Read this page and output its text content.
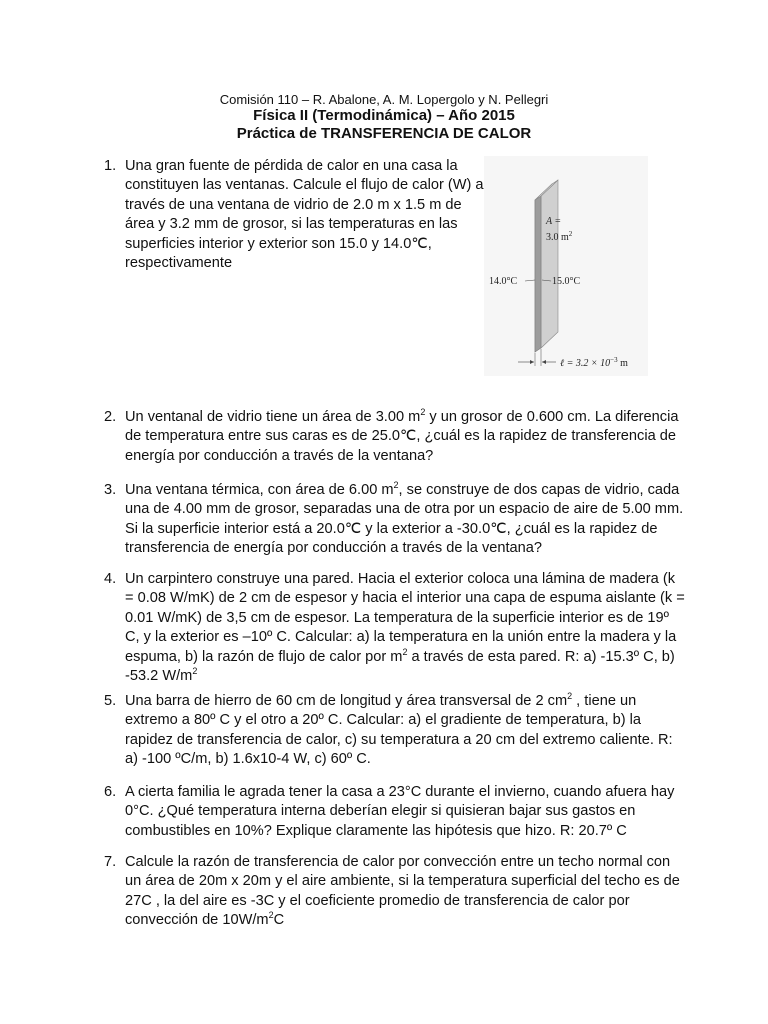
Comisión 110 – R. Abalone, A. M. Lopergolo y N. Pellegri
Física II (Termodinámica) – Año 2015
Práctica de TRANSFERENCIA DE CALOR
1. Una gran fuente de pérdida de calor en una casa la constituyen las ventanas. Calcule el flujo de calor (W) a través de una ventana de vidrio de 2.0 m x 1.5 m de área y 3.2 mm de grosor, si las temperaturas en las superficies interior y exterior son 15.0 y 14.0℃, respectivamente
A =
3.0 $m^2$
14.0°C	15.0°C
ℓ = $3.2 \times 10^{-3}$ m
2. Un ventanal de vidrio tiene un área de 3.00 $m^2$ y un grosor de 0.600 cm. La diferencia de temperatura entre sus caras es de 25.0℃, ¿cuál es la rapidez de transferencia de energía por conducción a través de la ventana?
3. Una ventana térmica, con área de 6.00 $m^2$, se construye de dos capas de vidrio, cada una de 4.00 mm de grosor, separadas una de otra por un espacio de aire de 5.00 mm. Si la superficie interior está a 20.0℃ y la exterior a -30.0℃, ¿cuál es la rapidez de transferencia de energía por conducción a través de la ventana?
4. Un carpintero construye una pared. Hacia el exterior coloca una lámina de madera (k = 0.08 W/mK) de 2 cm de espesor y hacia el interior una capa de espuma aislante (k = 0.01 W/mK) de 3,5 cm de espesor. La temperatura de la superficie interior es de 19º C, y la exterior es –10º C. Calcular: a) la temperatura en la unión entre la madera y la espuma, b) la razón de flujo de calor por $m^2$ a través de esta pared. R: a) -15.3º C, b) -53.2 $W/m^2$
5. Una barra de hierro de 60 cm de longitud y área transversal de 2 $cm^2$ , tiene un extremo a 80º C y el otro a 20º C. Calcular: a) el gradiente de temperatura, b) la rapidez de transferencia de calor, c) su temperatura a 20 cm del extremo caliente. R: a) -100 ºC/m, b) 1.6x10-4 W, c) 60º C.
6. A cierta familia le agrada tener la casa a 23°C durante el invierno, cuando afuera hay 0°C. ¿Qué temperatura interna deberían elegir si quisieran bajar sus gastos en combustibles en 10%? Explique claramente las hipótesis que hizo. R: 20.7º C
7. Calcule la razón de transferencia de calor por convección entre un techo normal con un área de 20m x 20m y el aire ambiente, si la temperatura superficial del techo es de 27C , la del aire es -3C y el coeficiente promedio de transferencia de calor por convección de $10W/m^2C$
